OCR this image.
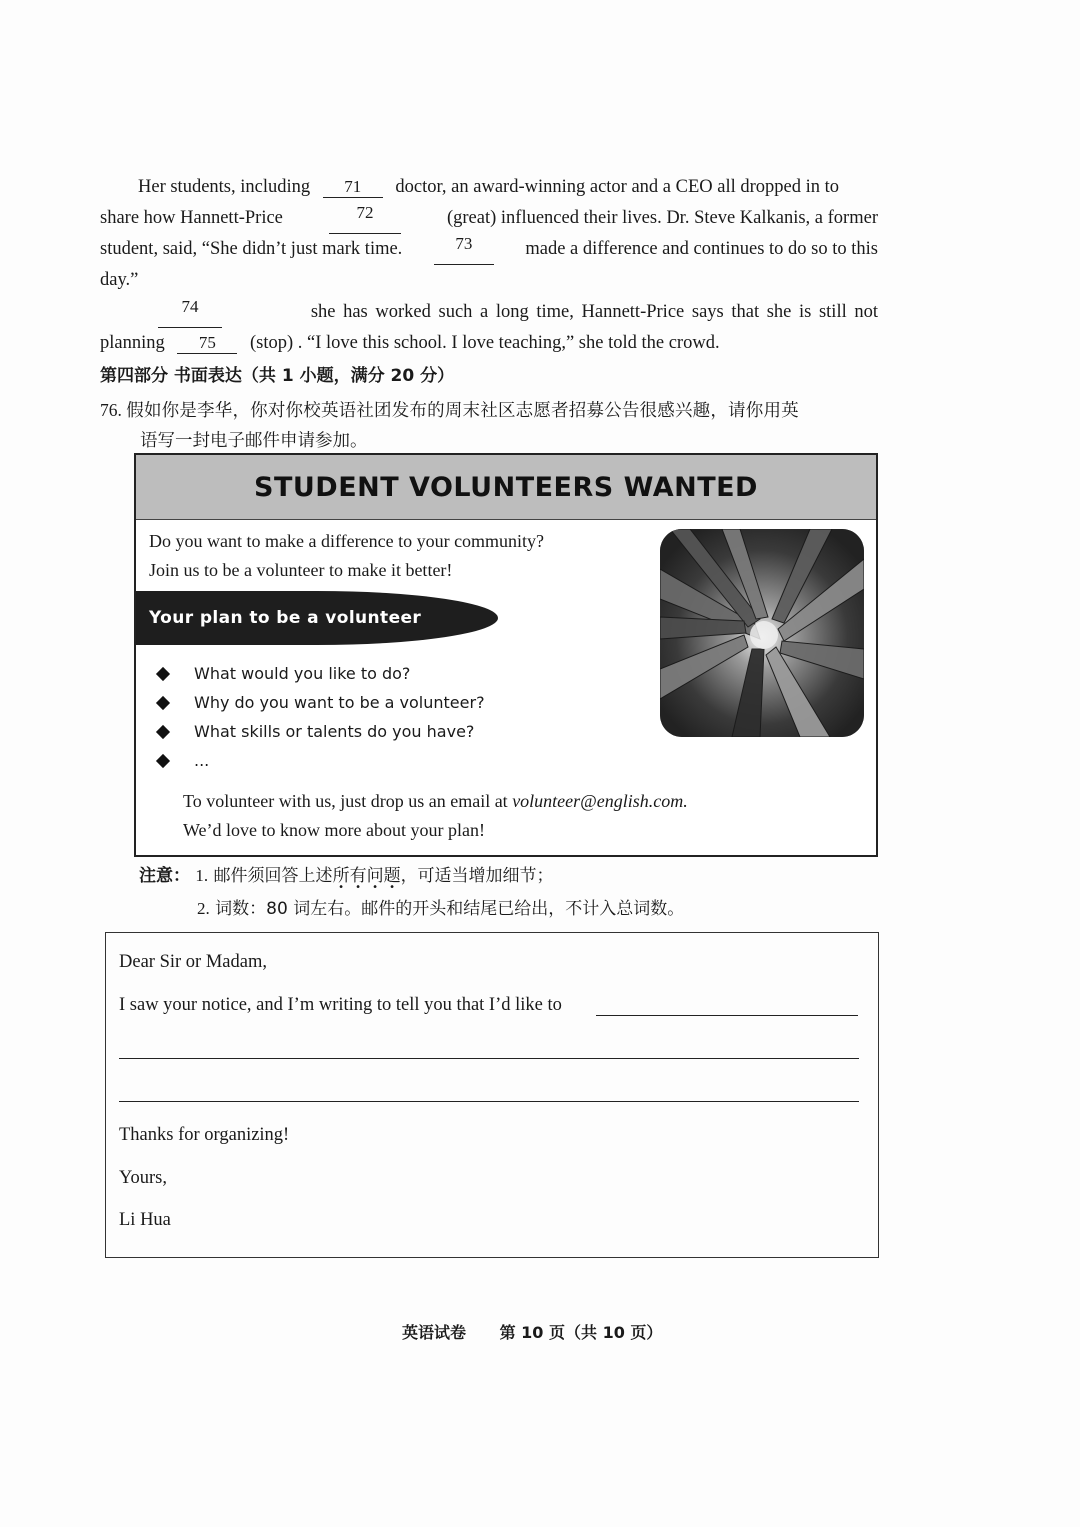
Her students, including 71 doctor, an award-winning actor and a CEO all dropped in to
share how Hannett-Price	72	(great) influenced their lives. Dr. Steve Kalkanis, a former
student, said, “She didn’t just mark time.	73	made a difference and continues to do so to this
day.”
74	she has worked such a long time, Hannett-Price says that she is still not
planning 75 (stop) . “I love this school. I love teaching,” she told the crowd.
第四部分 书面表达（共 1 小题，满分 20 分）
76. 假如你是李华，你对你校英语社团发布的周末社区志愿者招募公告很感兴趣，请你用英
语写一封电子邮件申请参加。
STUDENT VOLUNTEERS WANTED
Do you want to make a difference to your community?
Join us to be a volunteer to make it better!
Your plan to be a volunteer
What would you like to do?
Why do you want to be a volunteer?
What skills or talents do you have?
...
To volunteer with us, just drop us an email at volunteer@english.com.
We’d love to know more about your plan!
注意： 1. 邮件须回答上述所有问题，可适当增加细节；
2. 词数：80 词左右。邮件的开头和结尾已给出，不计入总词数。
Dear Sir or Madam,
I saw your notice, and I’m writing to tell you that I’d like to
Thanks for organizing!
Yours,
Li Hua
英语试卷 第 10 页（共 10 页）
